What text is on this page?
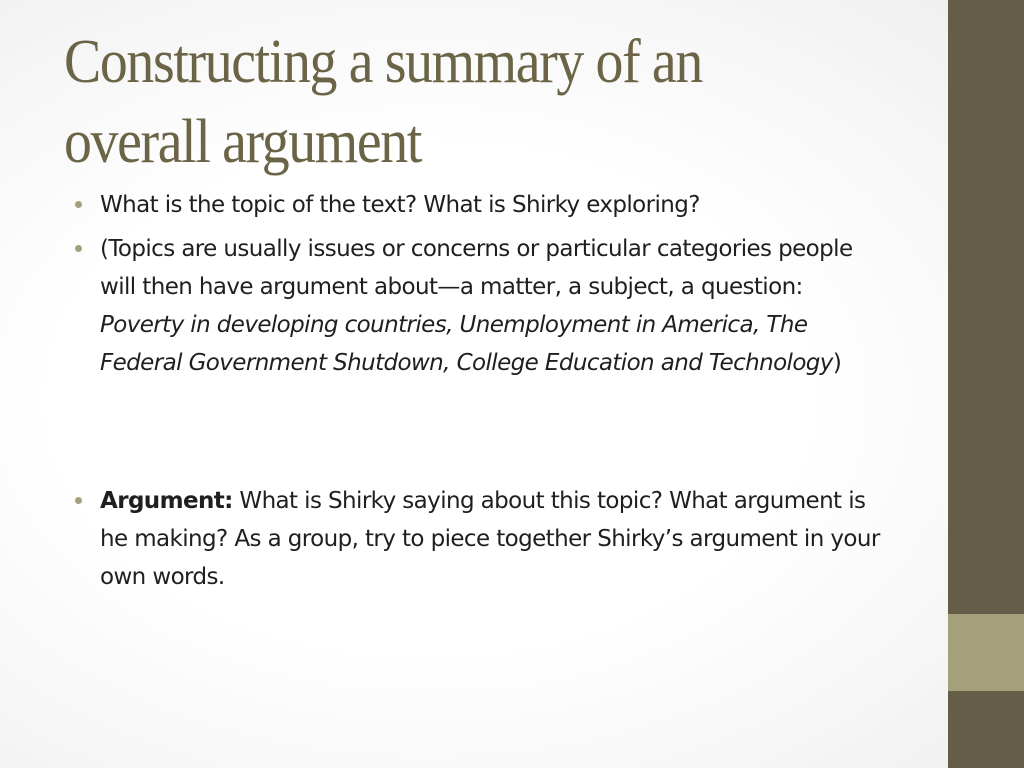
Constructing a summary of an overall argument
What is the topic of the text? What is Shirky exploring?
(Topics are usually issues or concerns or particular categories people will then have argument about—a matter, a subject, a question: Poverty in developing countries, Unemployment in America, The Federal Government Shutdown, College Education and Technology)
Argument: What is Shirky saying about this topic? What argument is he making? As a group, try to piece together Shirky’s argument in your own words.
